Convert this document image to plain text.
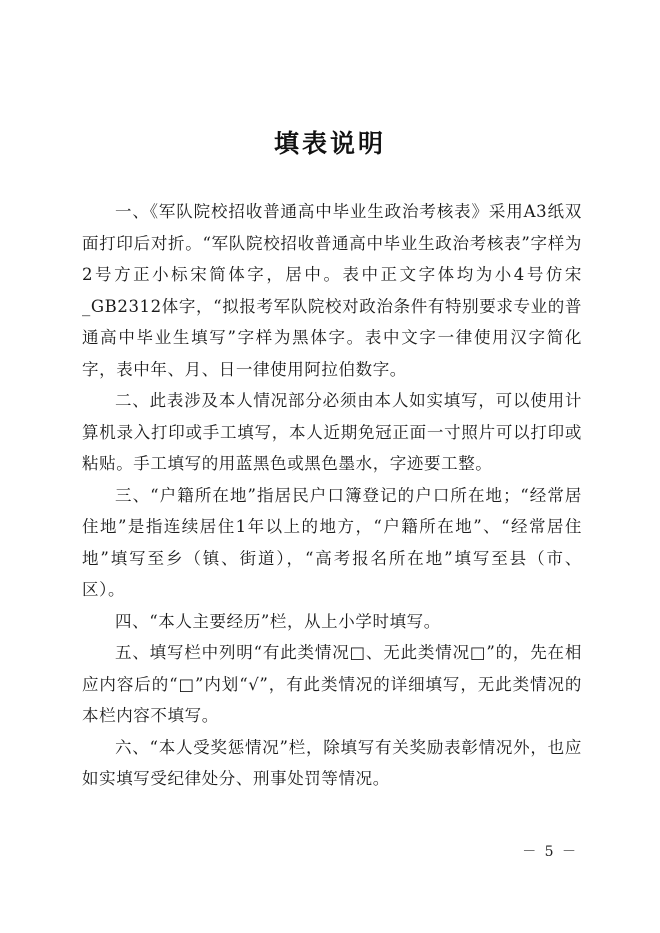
填表说明

一、《军队院校招收普通高中毕业生政治考核表》采用A3纸双面打印后对折。“军队院校招收普通高中毕业生政治考核表”字样为2号方正小标宋简体字，居中。表中正文字体均为小4号仿宋_GB2312体字，“拟报考军队院校对政治条件有特别要求专业的普通高中毕业生填写”字样为黑体字。表中文字一律使用汉字简化字，表中年、月、日一律使用阿拉伯数字。

二、此表涉及本人情况部分必须由本人如实填写，可以使用计算机录入打印或手工填写，本人近期免冠正面一寸照片可以打印或粘贴。手工填写的用蓝黑色或黑色墨水，字迹要工整。

三、“户籍所在地”指居民户口簿登记的户口所在地；“经常居住地”是指连续居住1年以上的地方，“户籍所在地”、“经常居住地”填写至乡（镇、街道），“高考报名所在地”填写至县（市、区）。

四、“本人主要经历”栏，从上小学时填写。

五、填写栏中列明“有此类情况□、无此类情况□”的，先在相应内容后的“□”内划“√”，有此类情况的详细填写，无此类情况的本栏内容不填写。

六、“本人受奖惩情况”栏，除填写有关奖励表彰情况外，也应如实填写受纪律处分、刑事处罚等情况。

－ 5 －
